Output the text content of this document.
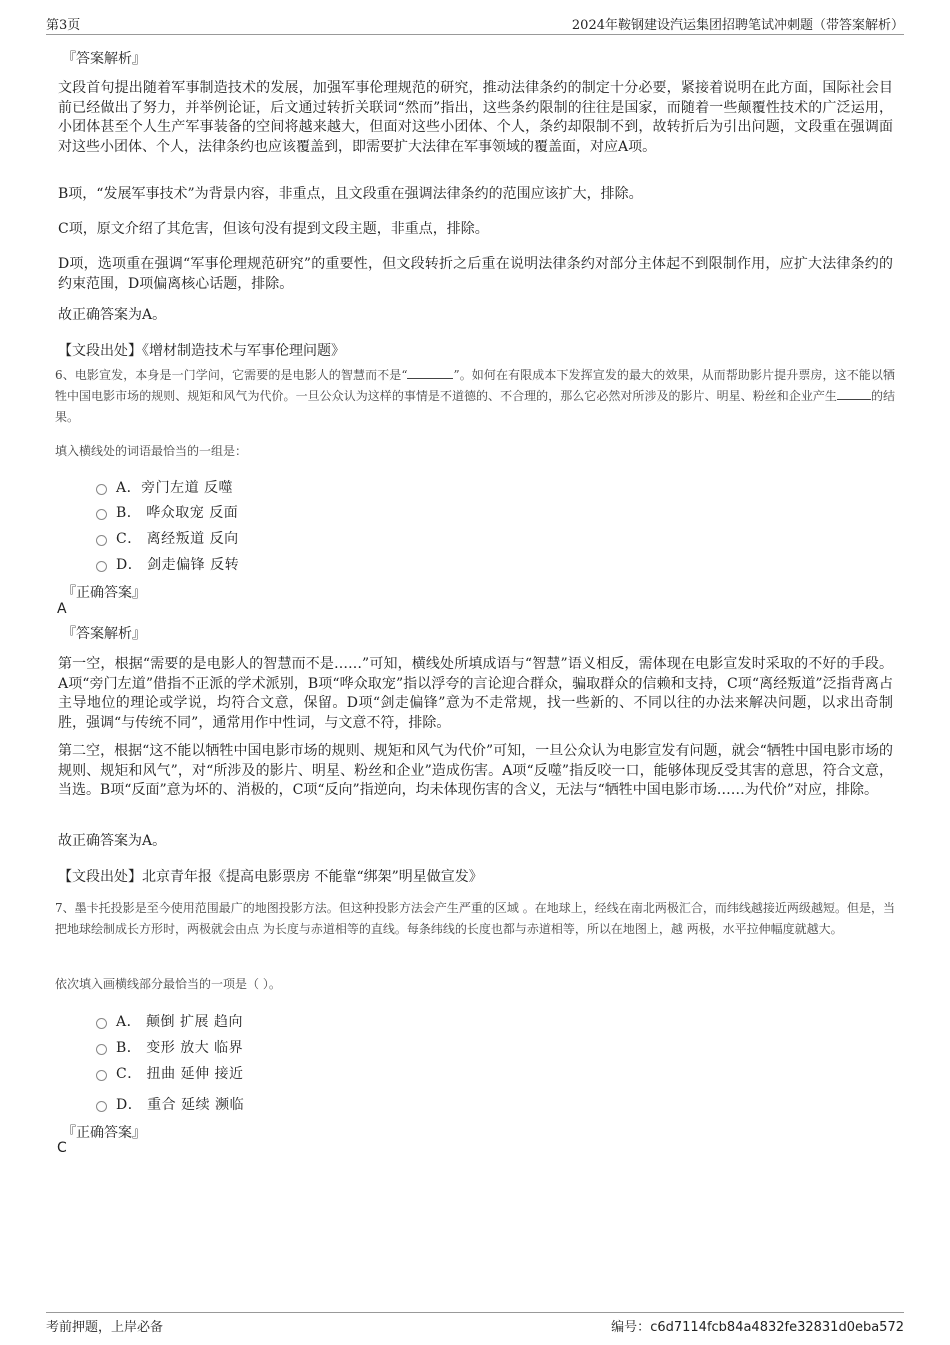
第3页	2024年鞍钢建设汽运集团招聘笔试冲刺题（带答案解析）
『答案解析』

文段首句提出随着军事制造技术的发展，加强军事伦理规范的研究，推动法律条约的制定十分必要，紧接着说明在此方面，国际社会目前已经做出了努力，并举例论证，后文通过转折关联词“然而”指出，这些条约限制的往往是国家，而随着一些颠覆性技术的广泛运用，小团体甚至个人生产军事装备的空间将越来越大，但面对这些小团体、个人，条约却限制不到，故转折后为引出问题，文段重在强调面对这些小团体、个人，法律条约也应该覆盖到，即需要扩大法律在军事领域的覆盖面，对应A项。

B项，“发展军事技术”为背景内容，非重点，且文段重在强调法律条约的范围应该扩大，排除。

C项，原文介绍了其危害，但该句没有提到文段主题，非重点，排除。

D项，选项重在强调“军事伦理规范研究”的重要性，但文段转折之后重在说明法律条约对部分主体起不到限制作用，应扩大法律条约的约束范围，D项偏离核心话题，排除。

故正确答案为A。

【文段出处】《增材制造技术与军事伦理问题》

6、电影宣发，本身是一门学问，它需要的是电影人的智慧而不是“	”。如何在有限成本下发挥宣发的最大的效果，从而帮助影片提升票房，这不能以牺牲中国电影市场的规则、规矩和风气为代价。一旦公众认为这样的事情是不道德的、不合理的，那么它必然对所涉及的影片、明星、粉丝和企业产生	的结果。

填入横线处的词语最恰当的一组是：
A．旁门左道 反噬
B． 哗众取宠 反面
C． 离经叛道 反向
D． 剑走偏锋 反转
『正确答案』
A
『答案解析』

第一空，根据“需要的是电影人的智慧而不是……”可知，横线处所填成语与“智慧”语义相反，需体现在电影宣发时采取的不好的手段。A项“旁门左道”借指不正派的学术派别，B项“哗众取宠”指以浮夸的言论迎合群众，骗取群众的信赖和支持，C项“离经叛道”泛指背离占主导地位的理论或学说，均符合文意，保留。D项“剑走偏锋”意为不走常规，找一些新的、不同以往的办法来解决问题，以求出奇制胜，强调“与传统不同”，通常用作中性词，与文意不符，排除。

第二空，根据“这不能以牺牲中国电影市场的规则、规矩和风气为代价”可知，一旦公众认为电影宣发有问题，就会“牺牲中国电影市场的规则、规矩和风气”，对“所涉及的影片、明星、粉丝和企业”造成伤害。A项“反噬”指反咬一口，能够体现反受其害的意思，符合文意，当选。B项“反面”意为坏的、消极的，C项“反向”指逆向，均未体现伤害的含义，无法与“牺牲中国电影市场……为代价”对应，排除。

故正确答案为A。

【文段出处】北京青年报《提高电影票房 不能靠“绑架”明星做宣发》

7、墨卡托投影是至今使用范围最广的地图投影方法。但这种投影方法会产生严重的区域 。在地球上，经线在南北两极汇合，而纬线越接近两级越短。但是，当把地球绘制成长方形时，两极就会由点 为长度与赤道相等的直线。每条纬线的长度也都与赤道相等，所以在地图上，越 两极，水平拉伸幅度就越大。

依次填入画横线部分最恰当的一项是（ ）。
A． 颠倒 扩展 趋向
B． 变形 放大 临界
C． 扭曲 延伸 接近
D． 重合 延续 濒临
『正确答案』
C
考前押题，上岸必备	编号：c6d7114fcb84a4832fe32831d0eba572
